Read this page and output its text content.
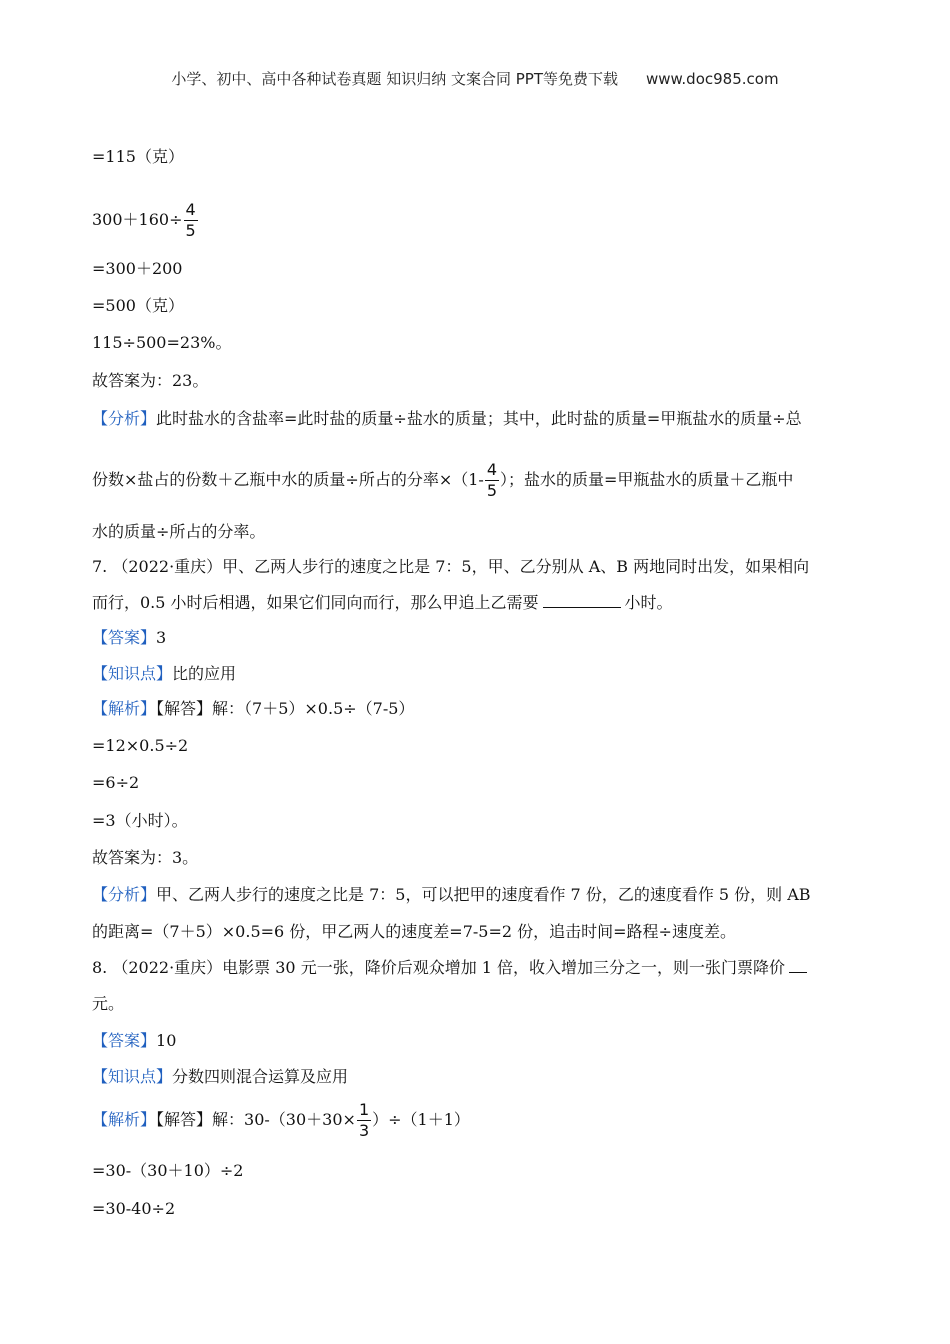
小学、初中、高中各种试卷真题 知识归纳 文案合同 PPT等免费下载 www.doc985.com
=115（克）
$300+160\div \frac{4}{5}$
=300＋200
=500（克）
115÷500=23%。
故答案为：23。
【分析】此时盐水的含盐率=此时盐的质量÷盐水的质量；其中，此时盐的质量=甲瓶盐水的质量÷总
份数×盐占的份数＋乙瓶中水的质量÷所占的分率$\times(1- \frac{4}{5}$ ）；盐水的质量=甲瓶盐水的质量＋乙瓶中
水的质量÷所占的分率。
7. （2022·重庆）甲、乙两人步行的速度之比是 7：5，甲、乙分别从 A、B 两地同时出发，如果相向
而行，0.5 小时后相遇，如果它们同向而行，那么甲追上乙需要	小时。
【答案】3
【知识点】比的应用
【解析】【解答】解：（7＋5）×0.5÷（7-5）
=12×0.5÷2
=6÷2
=3（小时）。
故答案为：3。
【分析】甲、乙两人步行的速度之比是 7：5，可以把甲的速度看作 7 份，乙的速度看作 5 份，则 AB
的距离=（7＋5）×0.5=6 份，甲乙两人的速度差=7-5=2 份，追击时间=路程÷速度差。
8. （2022·重庆）电影票 30 元一张，降价后观众增加 1 倍，收入增加三分之一，则一张门票降价
元。
【答案】10
【知识点】分数四则混合运算及应用
【解析】【解答】解：$30-(30+30\times \frac{1}{3} )\div(1+1)$
=30-（30＋10）÷2
=30-40÷2
